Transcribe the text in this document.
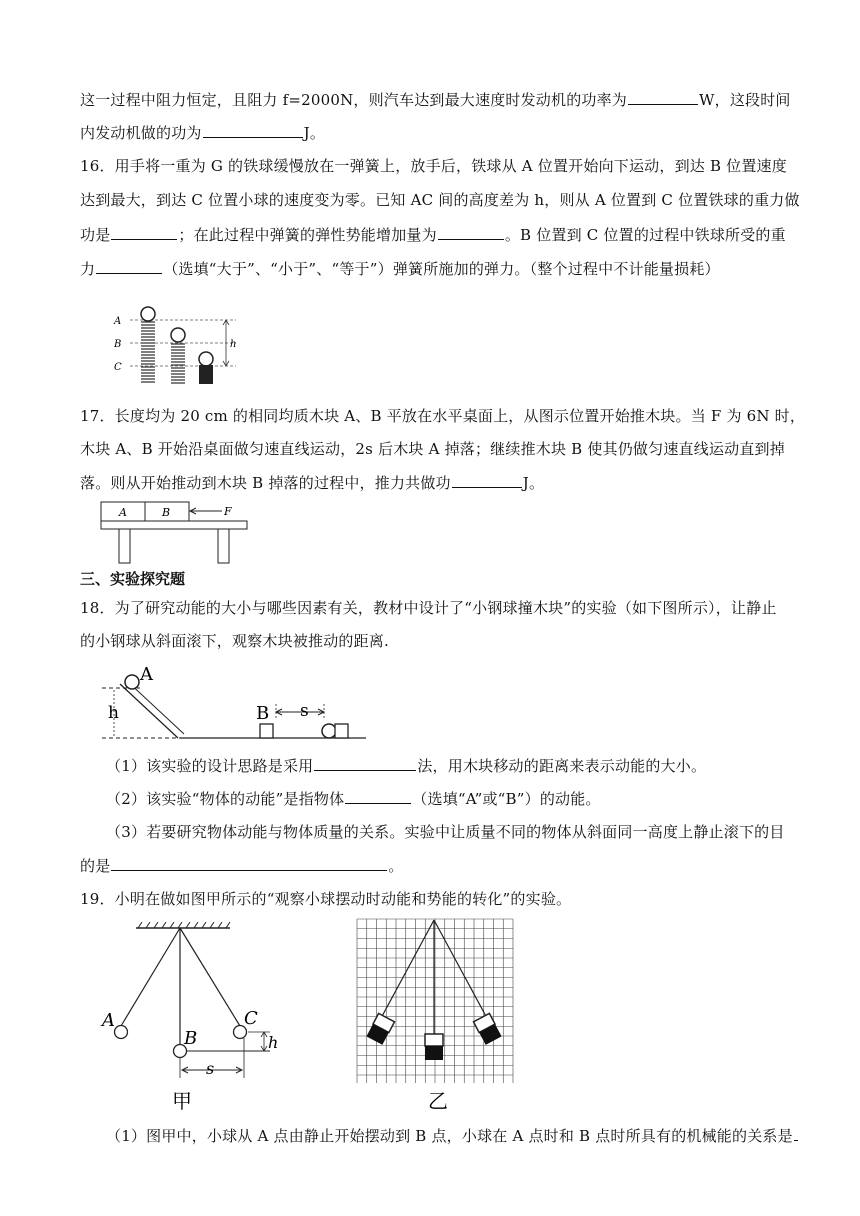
这一过程中阻力恒定，且阻力 f=2000N，则汽车达到最大速度时发动机的功率为	W，这段时间
内发动机做的功为	J。
16．用手将一重为 G 的铁球缓慢放在一弹簧上，放手后，铁球从 A 位置开始向下运动，到达 B 位置速度
达到最大，到达 C 位置小球的速度变为零。已知 AC 间的高度差为 h，则从 A 位置到 C 位置铁球的重力做
功是	；在此过程中弹簧的弹性势能增加量为	。B 位置到 C 位置的过程中铁球所受的重
力	（选填“大于”、“小于”、“等于”）弹簧所施加的弹力。（整个过程中不计能量损耗）
A
B
C
h
17．长度均为 20 cm 的相同均质木块 A、B 平放在水平桌面上，从图示位置开始推木块。当 F 为 6N 时，
木块 A、B 开始沿桌面做匀速直线运动，2s 后木块 A 掉落；继续推木块 B 使其仍做匀速直线运动直到掉
落。则从开始推动到木块 B 掉落的过程中，推力共做功	J。
A	B	F
三、实验探究题
18．为了研究动能的大小与哪些因素有关，教材中设计了“小钢球撞木块”的实验（如下图所示），让静止
的小钢球从斜面滚下，观察木块被推动的距离.
A
h	B s
（1）该实验的设计思路是采用	法，用木块移动的距离来表示动能的大小。
（2）该实验“物体的动能”是指物体	（选填“A”或“B”）的动能。
（3）若要研究物体动能与物体质量的关系。实验中让质量不同的物体从斜面同一高度上静止滚下的目
的是	。
19．小明在做如图甲所示的“观察小球摆动时动能和势能的转化”的实验。
A
B
C
h
s
甲	乙
（1）图甲中，小球从 A 点由静止开始摆动到 B 点，小球在 A 点时和 B 点时所具有的机械能的关系是
